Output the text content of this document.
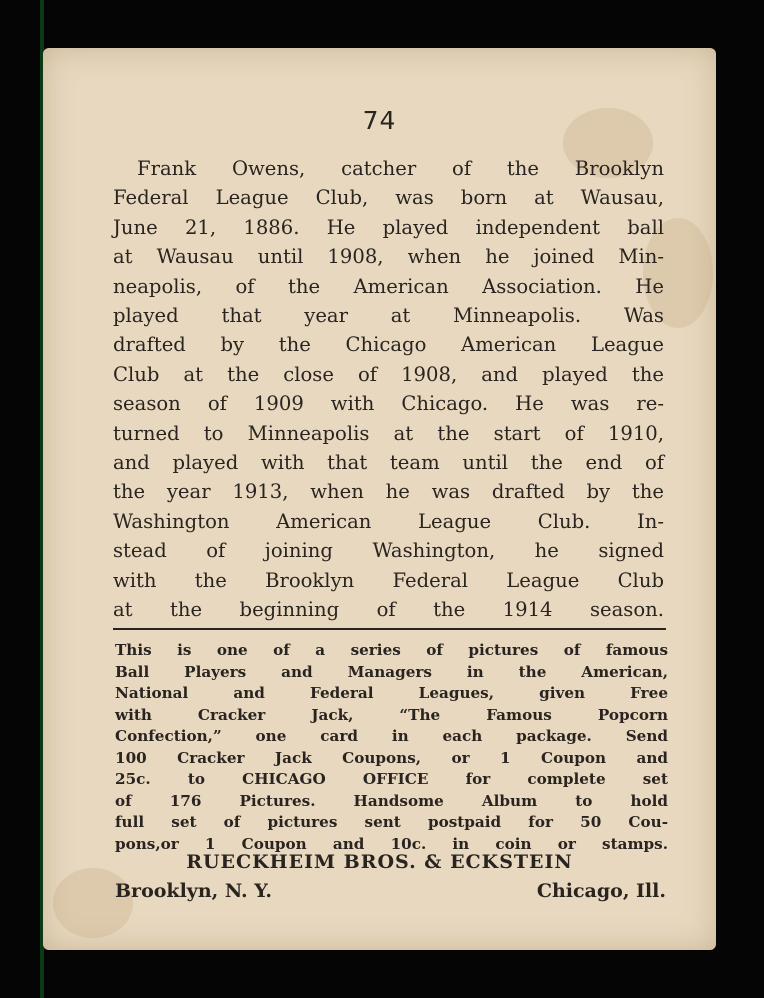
74
Frank Owens, catcher of the Brooklyn
Federal League Club, was born at Wausau,
June 21, 1886. He played independent ball
at Wausau until 1908, when he joined Min-
neapolis, of the American Association. He
played that year at Minneapolis. Was
drafted by the Chicago American League
Club at the close of 1908, and played the
season of 1909 with Chicago. He was re-
turned to Minneapolis at the start of 1910,
and played with that team until the end of
the year 1913, when he was drafted by the
Washington American League Club. In-
stead of joining Washington, he signed
with the Brooklyn Federal League Club
at the beginning of the 1914 season.
This is one of a series of pictures of famous
Ball Players and Managers in the American,
National and Federal Leagues, given Free
with Cracker Jack, “The Famous Popcorn
Confection,” one card in each package. Send
100 Cracker Jack Coupons, or 1 Coupon and
25c. to CHICAGO OFFICE for complete set
of 176 Pictures. Handsome Album to hold
full set of pictures sent postpaid for 50 Cou-
pons,or 1 Coupon and 10c. in coin or stamps.
RUECKHEIM BROS. & ECKSTEIN
Brooklyn, N. Y.	Chicago, Ill.
